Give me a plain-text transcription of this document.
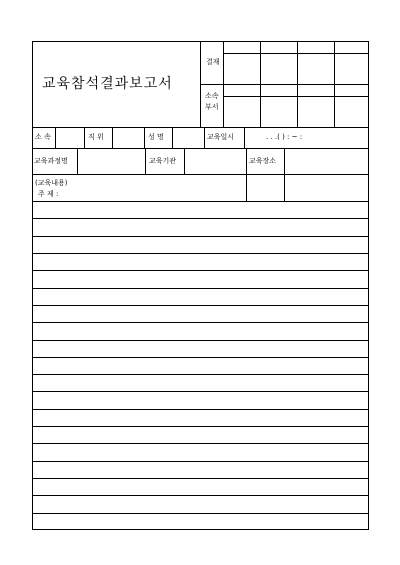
교육참석결과보고서
결재
소속
부서
소 속	직 위	성 명	교육일시	. . .( ) : ~ :
교육과정명	교육기관	교육장소
(교육내용)
주 제 :
